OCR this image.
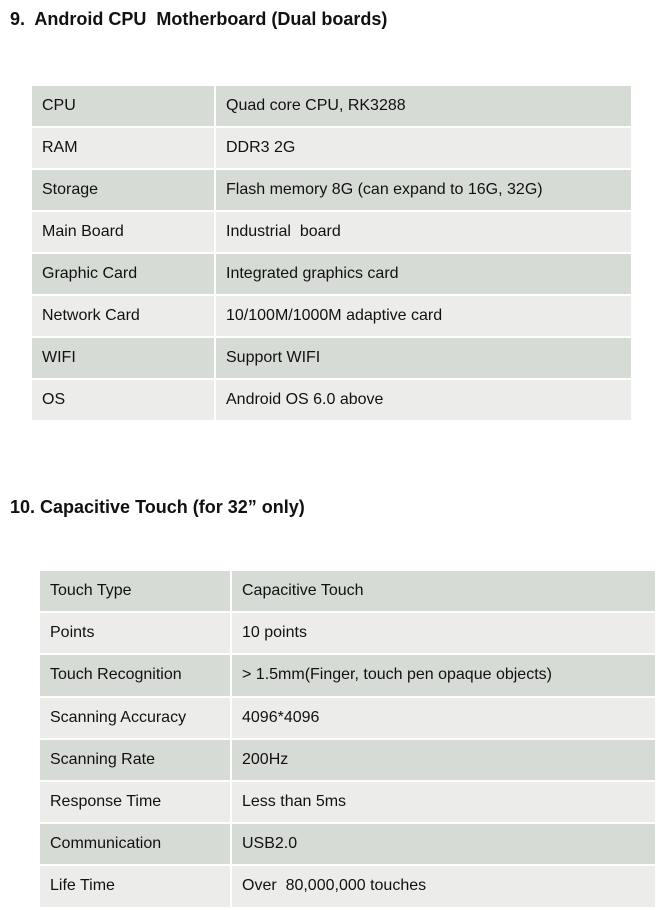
9.  Android CPU  Motherboard (Dual boards)
CPU	Quad core CPU, RK3288
RAM	DDR3 2G
Storage	Flash memory 8G (can expand to 16G, 32G)
Main Board	Industrial  board
Graphic Card	Integrated graphics card
Network Card	10/100M/1000M adaptive card
WIFI	Support WIFI
OS	Android OS 6.0 above
10. Capacitive Touch (for 32” only)
Touch Type	Capacitive Touch
Points	10 points
Touch Recognition	> 1.5mm(Finger, touch pen opaque objects)
Scanning Accuracy	4096*4096
Scanning Rate	200Hz
Response Time	Less than 5ms
Communication	USB2.0
Life Time	Over  80,000,000 touches
